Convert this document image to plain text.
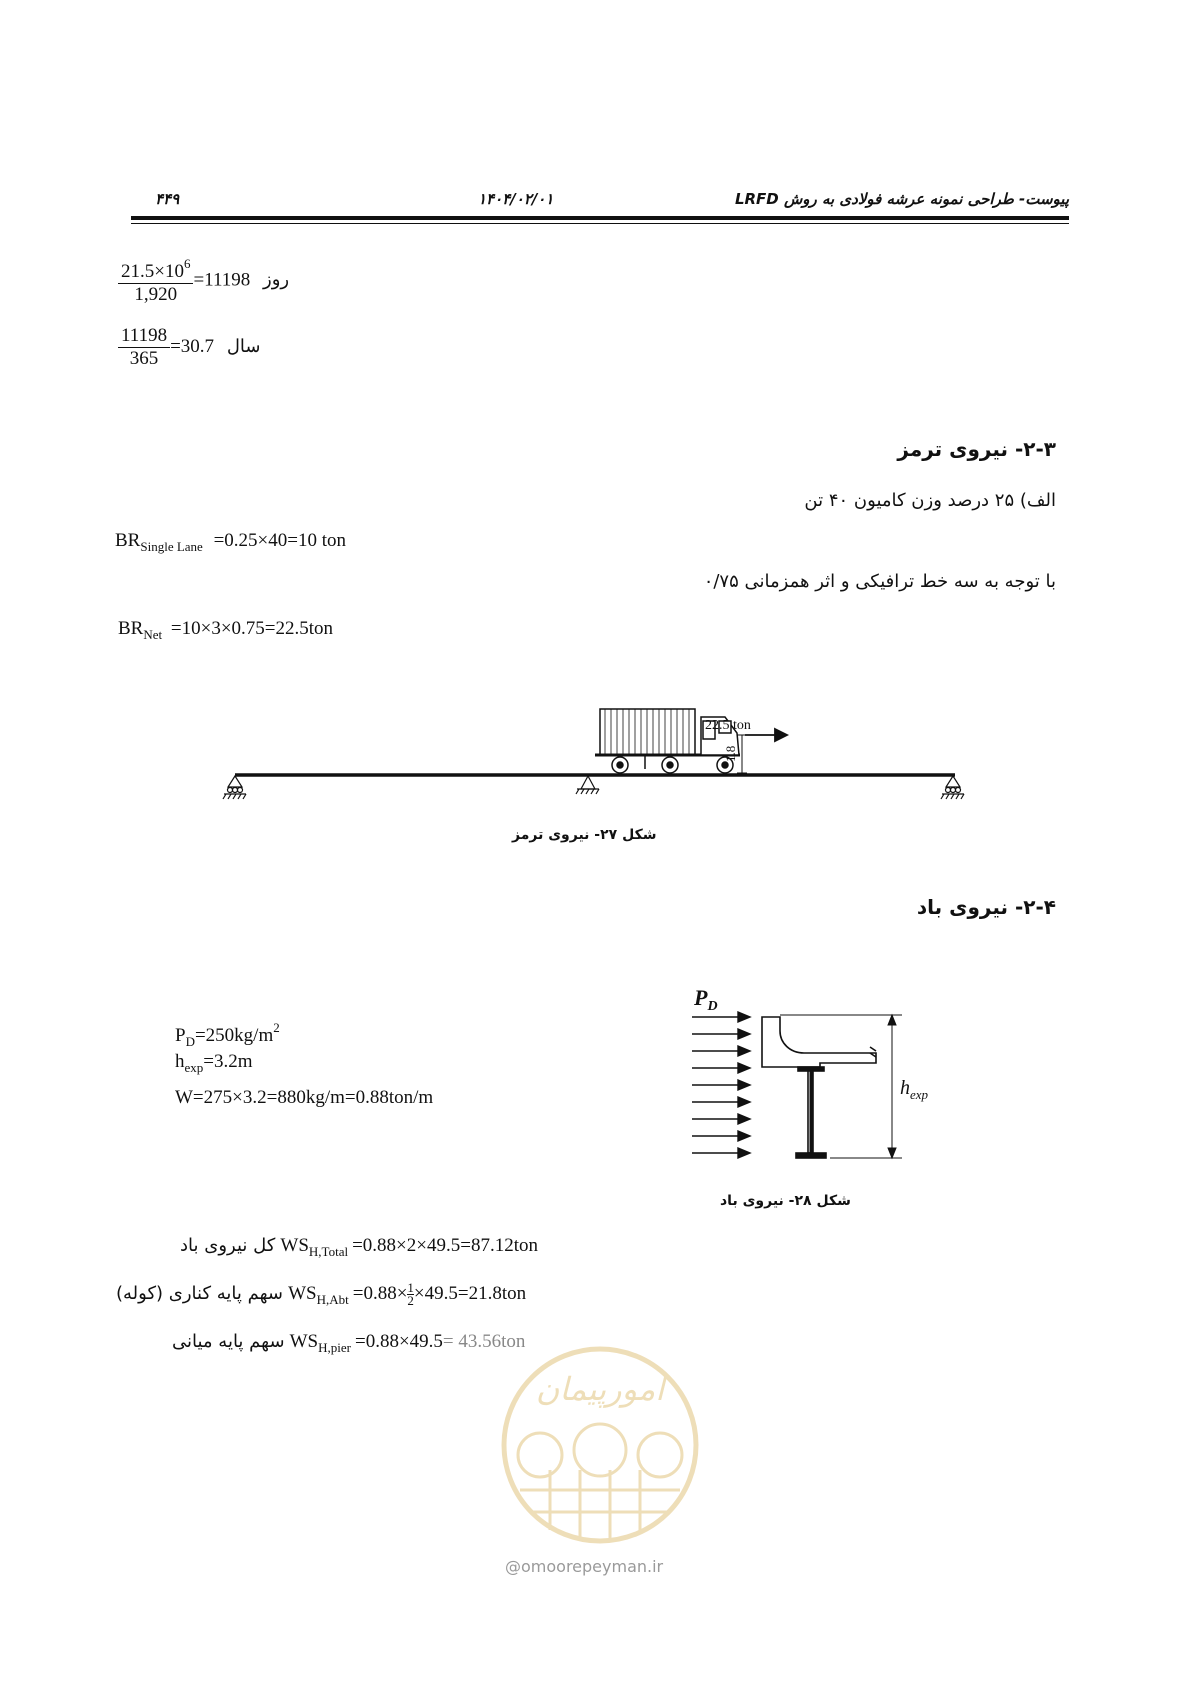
پیوست- طراحی نمونه عرشه فولادی به روش LRFD
۱۴۰۴/۰۲/۰۱
۴۴۹
$\frac{21.5\times 10^6}{1,920} =11198$ روز
$\frac{11198}{365} =30.7$ سال
۲-۳- نیروی ترمز
الف) ۲۵ درصد وزن کامیون ۴۰ تن
$BR_{Single Lane} =0.25\times 40=10$ ton
با توجه به سه خط ترافیکی و اثر همزمانی ۰/۷۵
$BR_{Net} =10\times 3\times 0.75=22.5ton$
22.5 ton
1.8
شکل ۲۷- نیروی ترمز
۲-۴- نیروی باد
$P_D=250kg/m^2$
$h_{exp}=3.2m$
W=275×3.2=880kg/m=0.88ton/m
$P_D$
$h_{exp}$
شکل ۲۸- نیروی باد
کل نیروی باد $WS_{H,Total} =0.88\times 2\times 49.5=87.12ton$
سهم پایه کناری (کوله) $WS_{H,Abt} =0.88\times \frac{1}{2} \times 49.5=21.8ton$
سهم پایه میانی $WS_{H,pier} =0.88\times 49.5= 43.56ton$
امورپیمان
@omoorepeyman.ir
